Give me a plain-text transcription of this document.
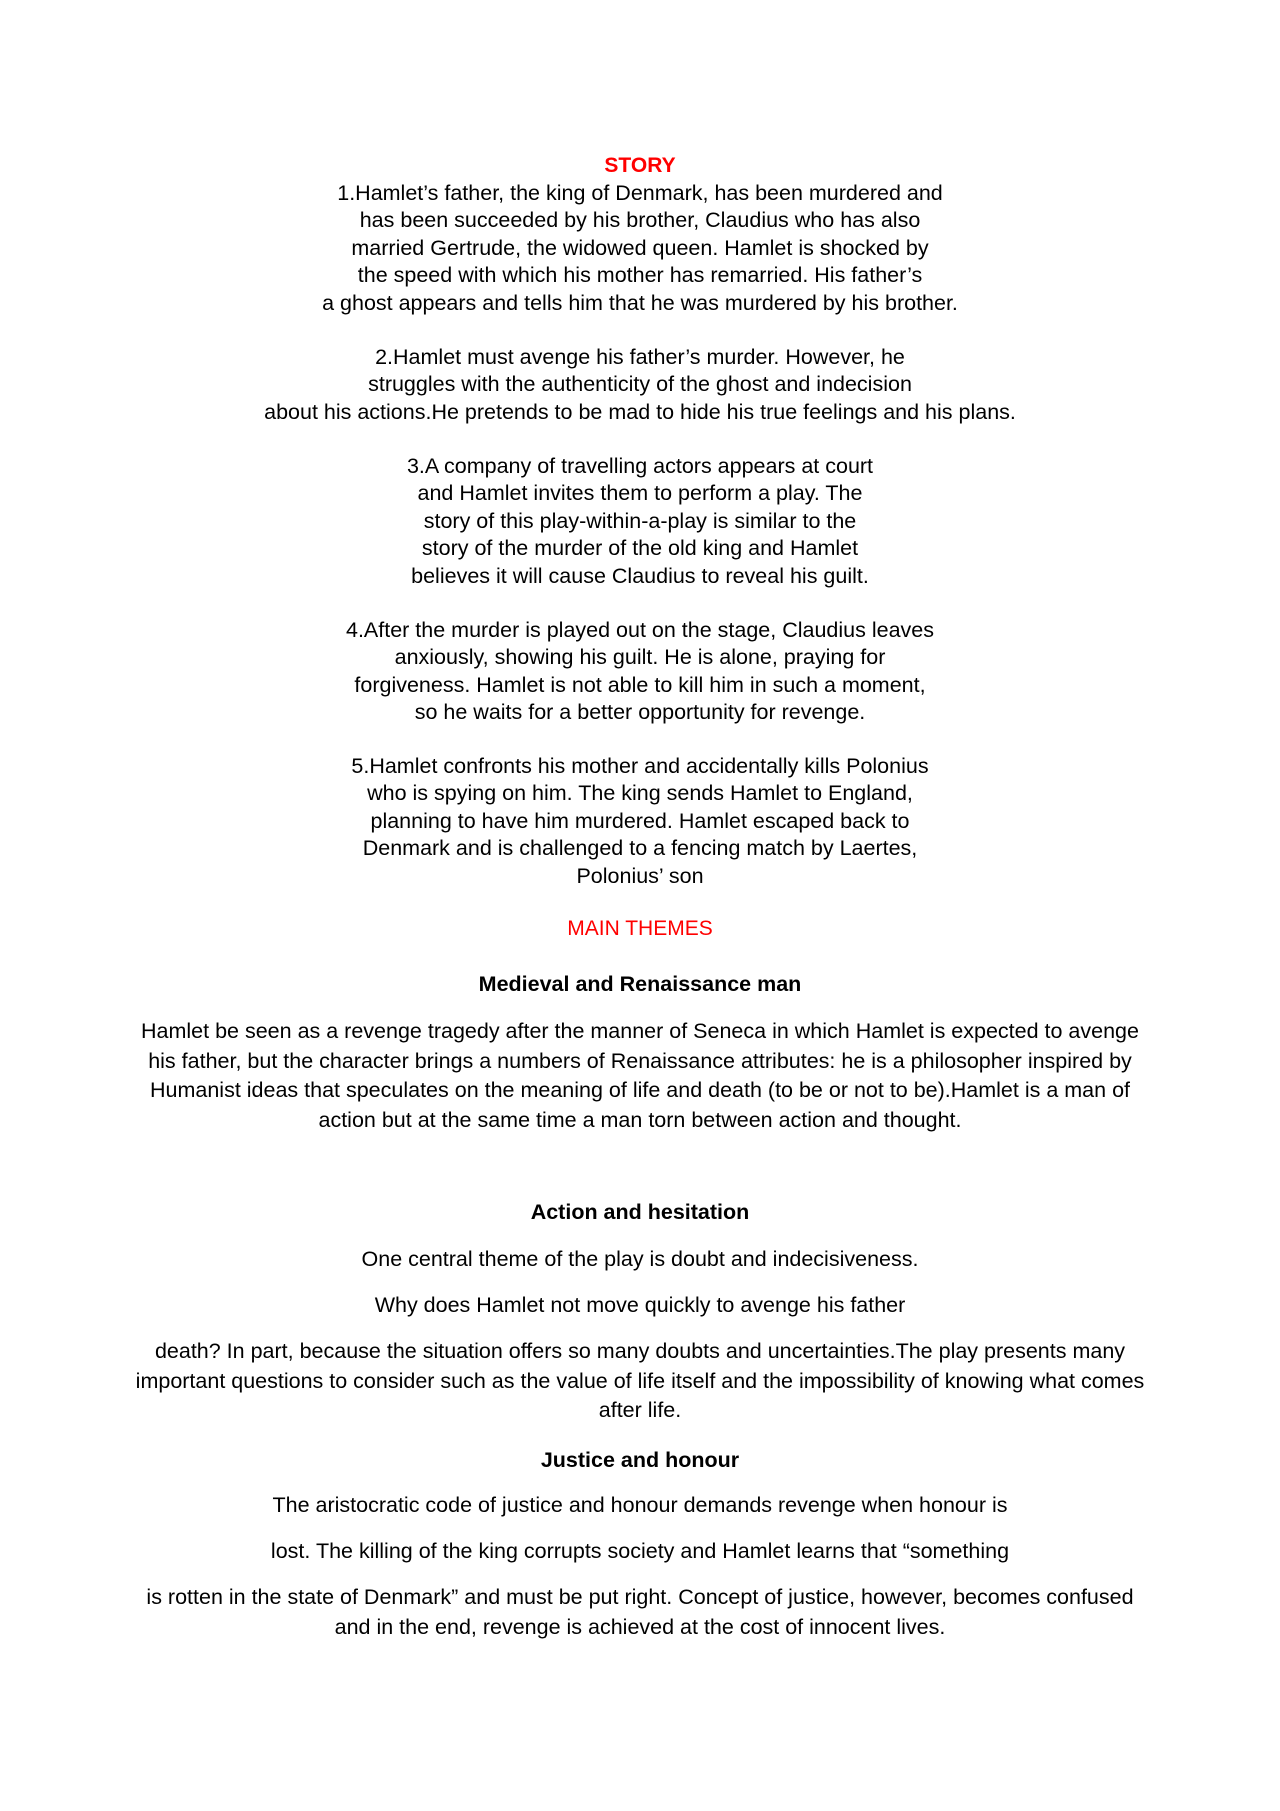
STORY

1.Hamlet’s father, the king of Denmark, has been murdered and
has been succeeded by his brother, Claudius who has also
married Gertrude, the widowed queen. Hamlet is shocked by
the speed with which his mother has remarried. His father’s
a ghost appears and tells him that he was murdered by his brother.

2.Hamlet must avenge his father’s murder. However, he
struggles with the authenticity of the ghost and indecision
about his actions.He pretends to be mad to hide his true feelings and his plans.

3.A company of travelling actors appears at court
and Hamlet invites them to perform a play. The
story of this play-within-a-play is similar to the
story of the murder of the old king and Hamlet
believes it will cause Claudius to reveal his guilt.

4.After the murder is played out on the stage, Claudius leaves
anxiously, showing his guilt. He is alone, praying for
forgiveness. Hamlet is not able to kill him in such a moment,
so he waits for a better opportunity for revenge.

5.Hamlet confronts his mother and accidentally kills Polonius
who is spying on him. The king sends Hamlet to England,
planning to have him murdered. Hamlet escaped back to
Denmark and is challenged to a fencing match by Laertes,
Polonius’ son

MAIN THEMES
Medieval and Renaissance man

Hamlet be seen as a revenge tragedy after the manner of Seneca in which Hamlet is expected to avenge his father, but the character brings a numbers of Renaissance attributes: he is a philosopher inspired by Humanist ideas that speculates on the meaning of life and death (to be or not to be).Hamlet is a man of action but at the same time a man torn between action and thought.

Action and hesitation

One central theme of the play is doubt and indecisiveness.

Why does Hamlet not move quickly to avenge his father

death? In part, because the situation offers so many doubts and uncertainties.The play presents many important questions to consider such as the value of life itself and the impossibility of knowing what comes after life.

Justice and honour

The aristocratic code of justice and honour demands revenge when honour is

lost. The killing of the king corrupts society and Hamlet learns that “something

is rotten in the state of Denmark” and must be put right. Concept of justice, however, becomes confused and in the end, revenge is achieved at the cost of innocent lives.
